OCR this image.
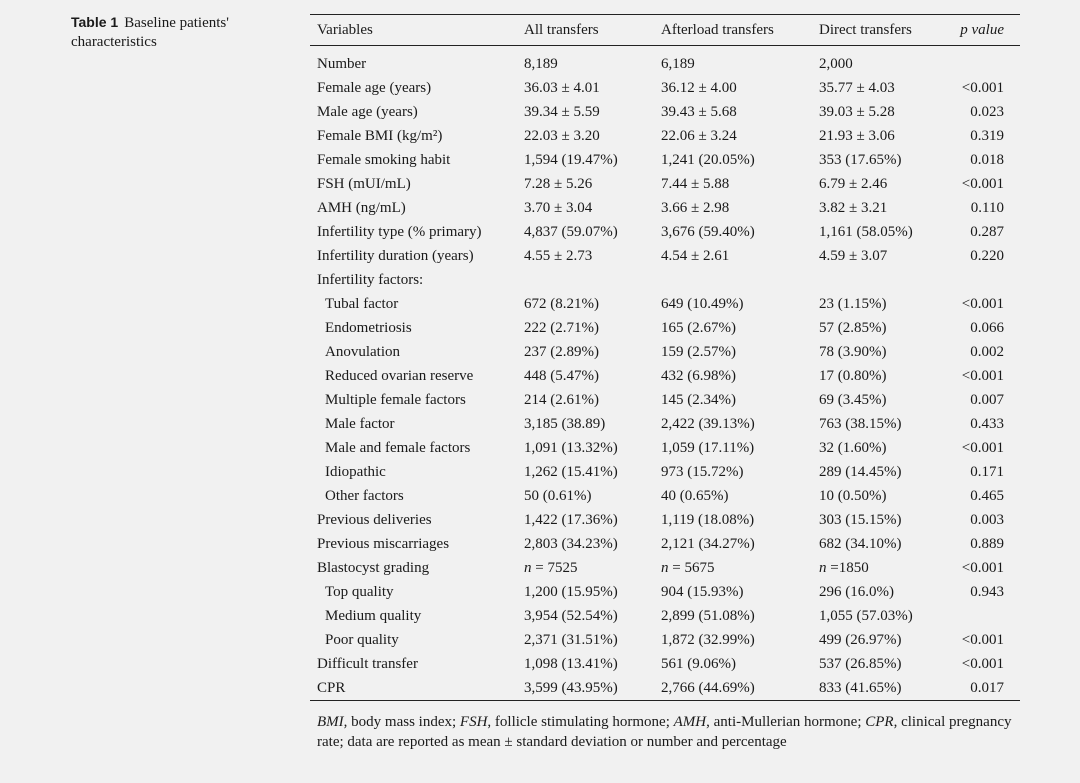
Table 1 Baseline patients' characteristics
Variables	All transfers	Afterload transfers	Direct transfers	p value
Number	8,189	6,189	2,000	
Female age (years)	36.03 ± 4.01	36.12 ± 4.00	35.77 ± 4.03	<0.001
Male age (years)	39.34 ± 5.59	39.43 ± 5.68	39.03 ± 5.28	0.023
Female BMI (kg/m²)	22.03 ± 3.20	22.06 ± 3.24	21.93 ± 3.06	0.319
Female smoking habit	1,594 (19.47%)	1,241 (20.05%)	353 (17.65%)	0.018
FSH (mUI/mL)	7.28 ± 5.26	7.44 ± 5.88	6.79 ± 2.46	<0.001
AMH (ng/mL)	3.70 ± 3.04	3.66 ± 2.98	3.82 ± 3.21	0.110
Infertility type (% primary)	4,837 (59.07%)	3,676 (59.40%)	1,161 (58.05%)	0.287
Infertility duration (years)	4.55 ± 2.73	4.54 ± 2.61	4.59 ± 3.07	0.220
Infertility factors:				
Tubal factor	672 (8.21%)	649 (10.49%)	23 (1.15%)	<0.001
Endometriosis	222 (2.71%)	165 (2.67%)	57 (2.85%)	0.066
Anovulation	237 (2.89%)	159 (2.57%)	78 (3.90%)	0.002
Reduced ovarian reserve	448 (5.47%)	432 (6.98%)	17 (0.80%)	<0.001
Multiple female factors	214 (2.61%)	145 (2.34%)	69 (3.45%)	0.007
Male factor	3,185 (38.89)	2,422 (39.13%)	763 (38.15%)	0.433
Male and female factors	1,091 (13.32%)	1,059 (17.11%)	32 (1.60%)	<0.001
Idiopathic	1,262 (15.41%)	973 (15.72%)	289 (14.45%)	0.171
Other factors	50 (0.61%)	40 (0.65%)	10 (0.50%)	0.465
Previous deliveries	1,422 (17.36%)	1,119 (18.08%)	303 (15.15%)	0.003
Previous miscarriages	2,803 (34.23%)	2,121 (34.27%)	682 (34.10%)	0.889
Blastocyst grading	n = 7525	n = 5675	n =1850	<0.001
Top quality	1,200 (15.95%)	904 (15.93%)	296 (16.0%)	0.943
Medium quality	3,954 (52.54%)	2,899 (51.08%)	1,055 (57.03%)	
Poor quality	2,371 (31.51%)	1,872 (32.99%)	499 (26.97%)	<0.001
Difficult transfer	1,098 (13.41%)	561 (9.06%)	537 (26.85%)	<0.001
CPR	3,599 (43.95%)	2,766 (44.69%)	833 (41.65%)	0.017
BMI, body mass index; FSH, follicle stimulating hormone; AMH, anti-Mullerian hormone; CPR, clinical pregnancy rate; data are reported as mean ± standard deviation or number and percentage
